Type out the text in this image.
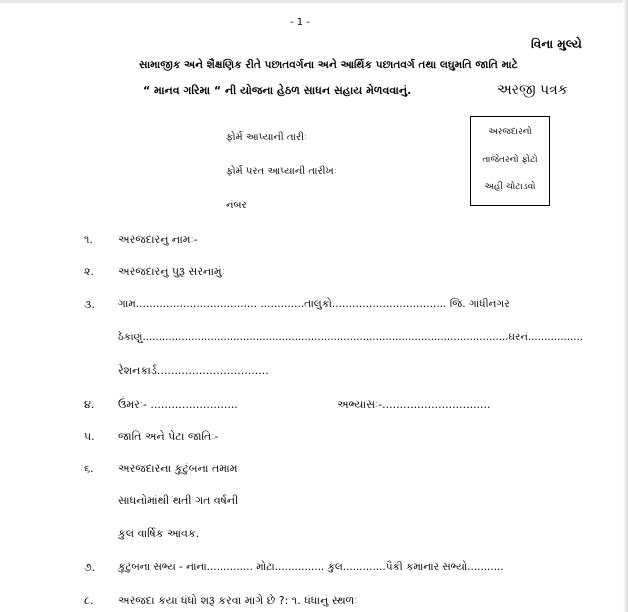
- 1 -
વિના મુલ્યે
સામાજીક અને શૈક્ષણિક રીતે પછાતવર્ગના અને આર્થિક પછાતવર્ગ તથા લઘુમતિ જાતિ માટે
“ માનવ ગરિમા “ ની યોજના હેઠળ સાધન સહાય મેળવવાનું.	અરજી પત્રક
ફોર્મ આપ્યાની તારીઃ
ફોર્મ પરત આપ્યાની તારીખઃ
નંબર
અરજદારનો
તાજેતરનો ફોટો
અહી ચોટાડવો
૧. અરજદારનું નામઃ-
૨. અરજદારનું પુરૂ સરનામુંઃ
૩. ગામ.................................... .............તાલુકો.................................. જિ. ગાંધીનગર
ઠેકાણું.................................................................................................................ઘરનં.................
રેશનકાર્ડ................................
૪. ઉંમરઃ- .........................	અભ્યાસઃ-...............................
પ. જાતિ અને પેટા જાતિઃ-
૬. અરજદારના કુટુંબના તમામ
સાધનોમાંથી થતી ગત વર્ષની
કુલ વાર્ષિક આવક.
૭. કુટુંબના સભ્ય - નાના.............. મોટા............... કુલ.............પૈકી કમાનાર સભ્યો...........
૮. અરજદા કયા ધંધો શરૂ કરવા માગે છે ?: ૧. ધંધાનું સ્થળઃ
